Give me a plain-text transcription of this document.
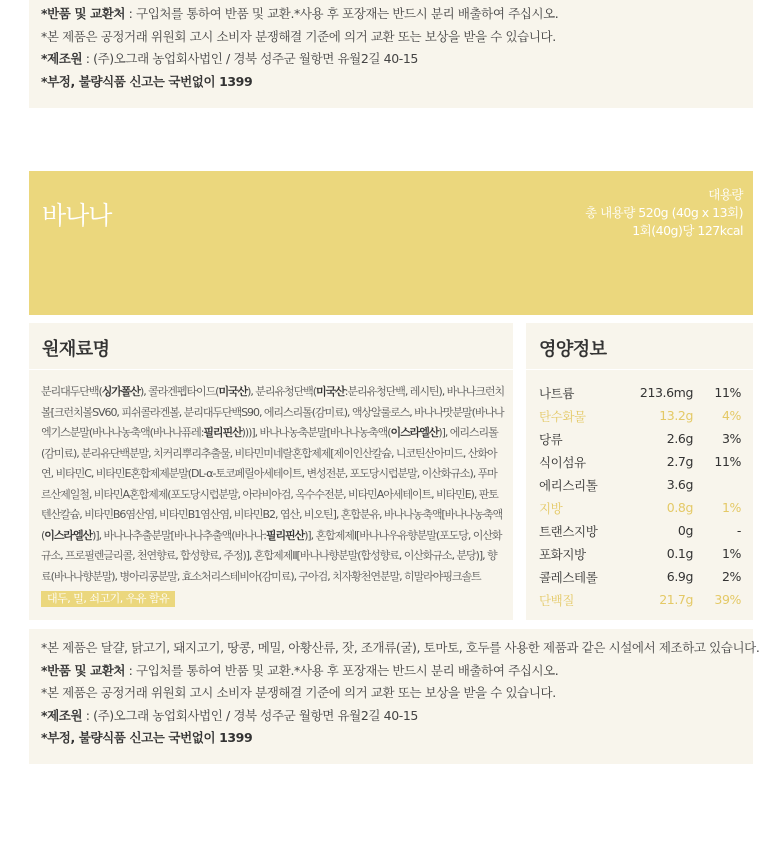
*반품 및 교환처 : 구입처를 통하여 반품 및 교환.*사용 후 포장재는 반드시 분리 배출하여 주십시오.

*본 제품은 공정거래 위원회 고시 소비자 분쟁해결 기준에 의거 교환 또는 보상을 받을 수 있습니다.

*제조원 : (주)오그래 농업회사법인 / 경북 성주군 월항면 유월2길 40-15

*부정, 불량식품 신고는 국번없이 1399

바나나
대용량
총 내용량 520g (40g x 13회)
1회(40g)당 127kcal
원재료명
분리대두단백(싱가폴산), 콜라겐펩타이드(미국산), 분리유청단백(미국산:분리유청단백, 레시틴), 바나나크런치볼[크런치볼SV60, 피쉬콜라겐볼, 분리대두단백S90, 에리스리톨(감미료), 액상알룰로스, 바나나맛분말(바나나엑기스분말(바나나농축액(바나나퓨레:필리핀산)))], 바나나농축분말[바나나농축액(이스라엘산)], 에리스리톨(감미료), 분리유단백분말, 치커리뿌리추출물, 비타민미네랄혼합제제[제이인산칼슘, 니코틴산아미드, 산화아연, 비타민C, 비타민E혼합제제분말(DL-α-토코페릴아세테이트, 변성전분, 포도당시럽분말, 이산화규소), 푸마르산제일철, 비타민A혼합제제(포도당시럽분말, 아라비아검, 옥수수전분, 비타민A아세테이트, 비타민E), 판토텐산칼슘, 비타민B6염산염, 비타민B1염산염, 비타민B2, 엽산, 비오틴], 혼합분유, 바나나농축액[바나나농축액(이스라엘산)], 바나나추출분말[바나나추출액(바나나:필리핀산)], 혼합제제Ⅰ[바나나우유향분말(포도당, 이산화규소, 프로필렌글리콜, 천연향료, 합성향료, 주정)], 혼합제제Ⅱ[바나나향분말(합성향료, 이산화규소, 분당)], 향료(바나나향분말), 병아리콩분말, 효소처리스테비아(감미료), 구아검, 치자황천연분말, 히말라야핑크솔트
대두, 밀, 쇠고기, 우유 함유
영양정보
나트륨	213.6mg	11%
탄수화물	13.2g	4%
당류	2.6g	3%
식이섬유	2.7g	11%
에리스리톨	3.6g
지방	0.8g	1%
트랜스지방	0g	-
포화지방	0.1g	1%
콜레스테롤	6.9g	2%
단백질	21.7g	39%

*본 제품은 달걀, 닭고기, 돼지고기, 땅콩, 메밀, 아황산류, 잣, 조개류(굴), 토마토, 호두를 사용한 제품과 같은 시설에서 제조하고 있습니다.

*반품 및 교환처 : 구입처를 통하여 반품 및 교환.*사용 후 포장재는 반드시 분리 배출하여 주십시오.

*본 제품은 공정거래 위원회 고시 소비자 분쟁해결 기준에 의거 교환 또는 보상을 받을 수 있습니다.

*제조원 : (주)오그래 농업회사법인 / 경북 성주군 월항면 유월2길 40-15

*부정, 불량식품 신고는 국번없이 1399
